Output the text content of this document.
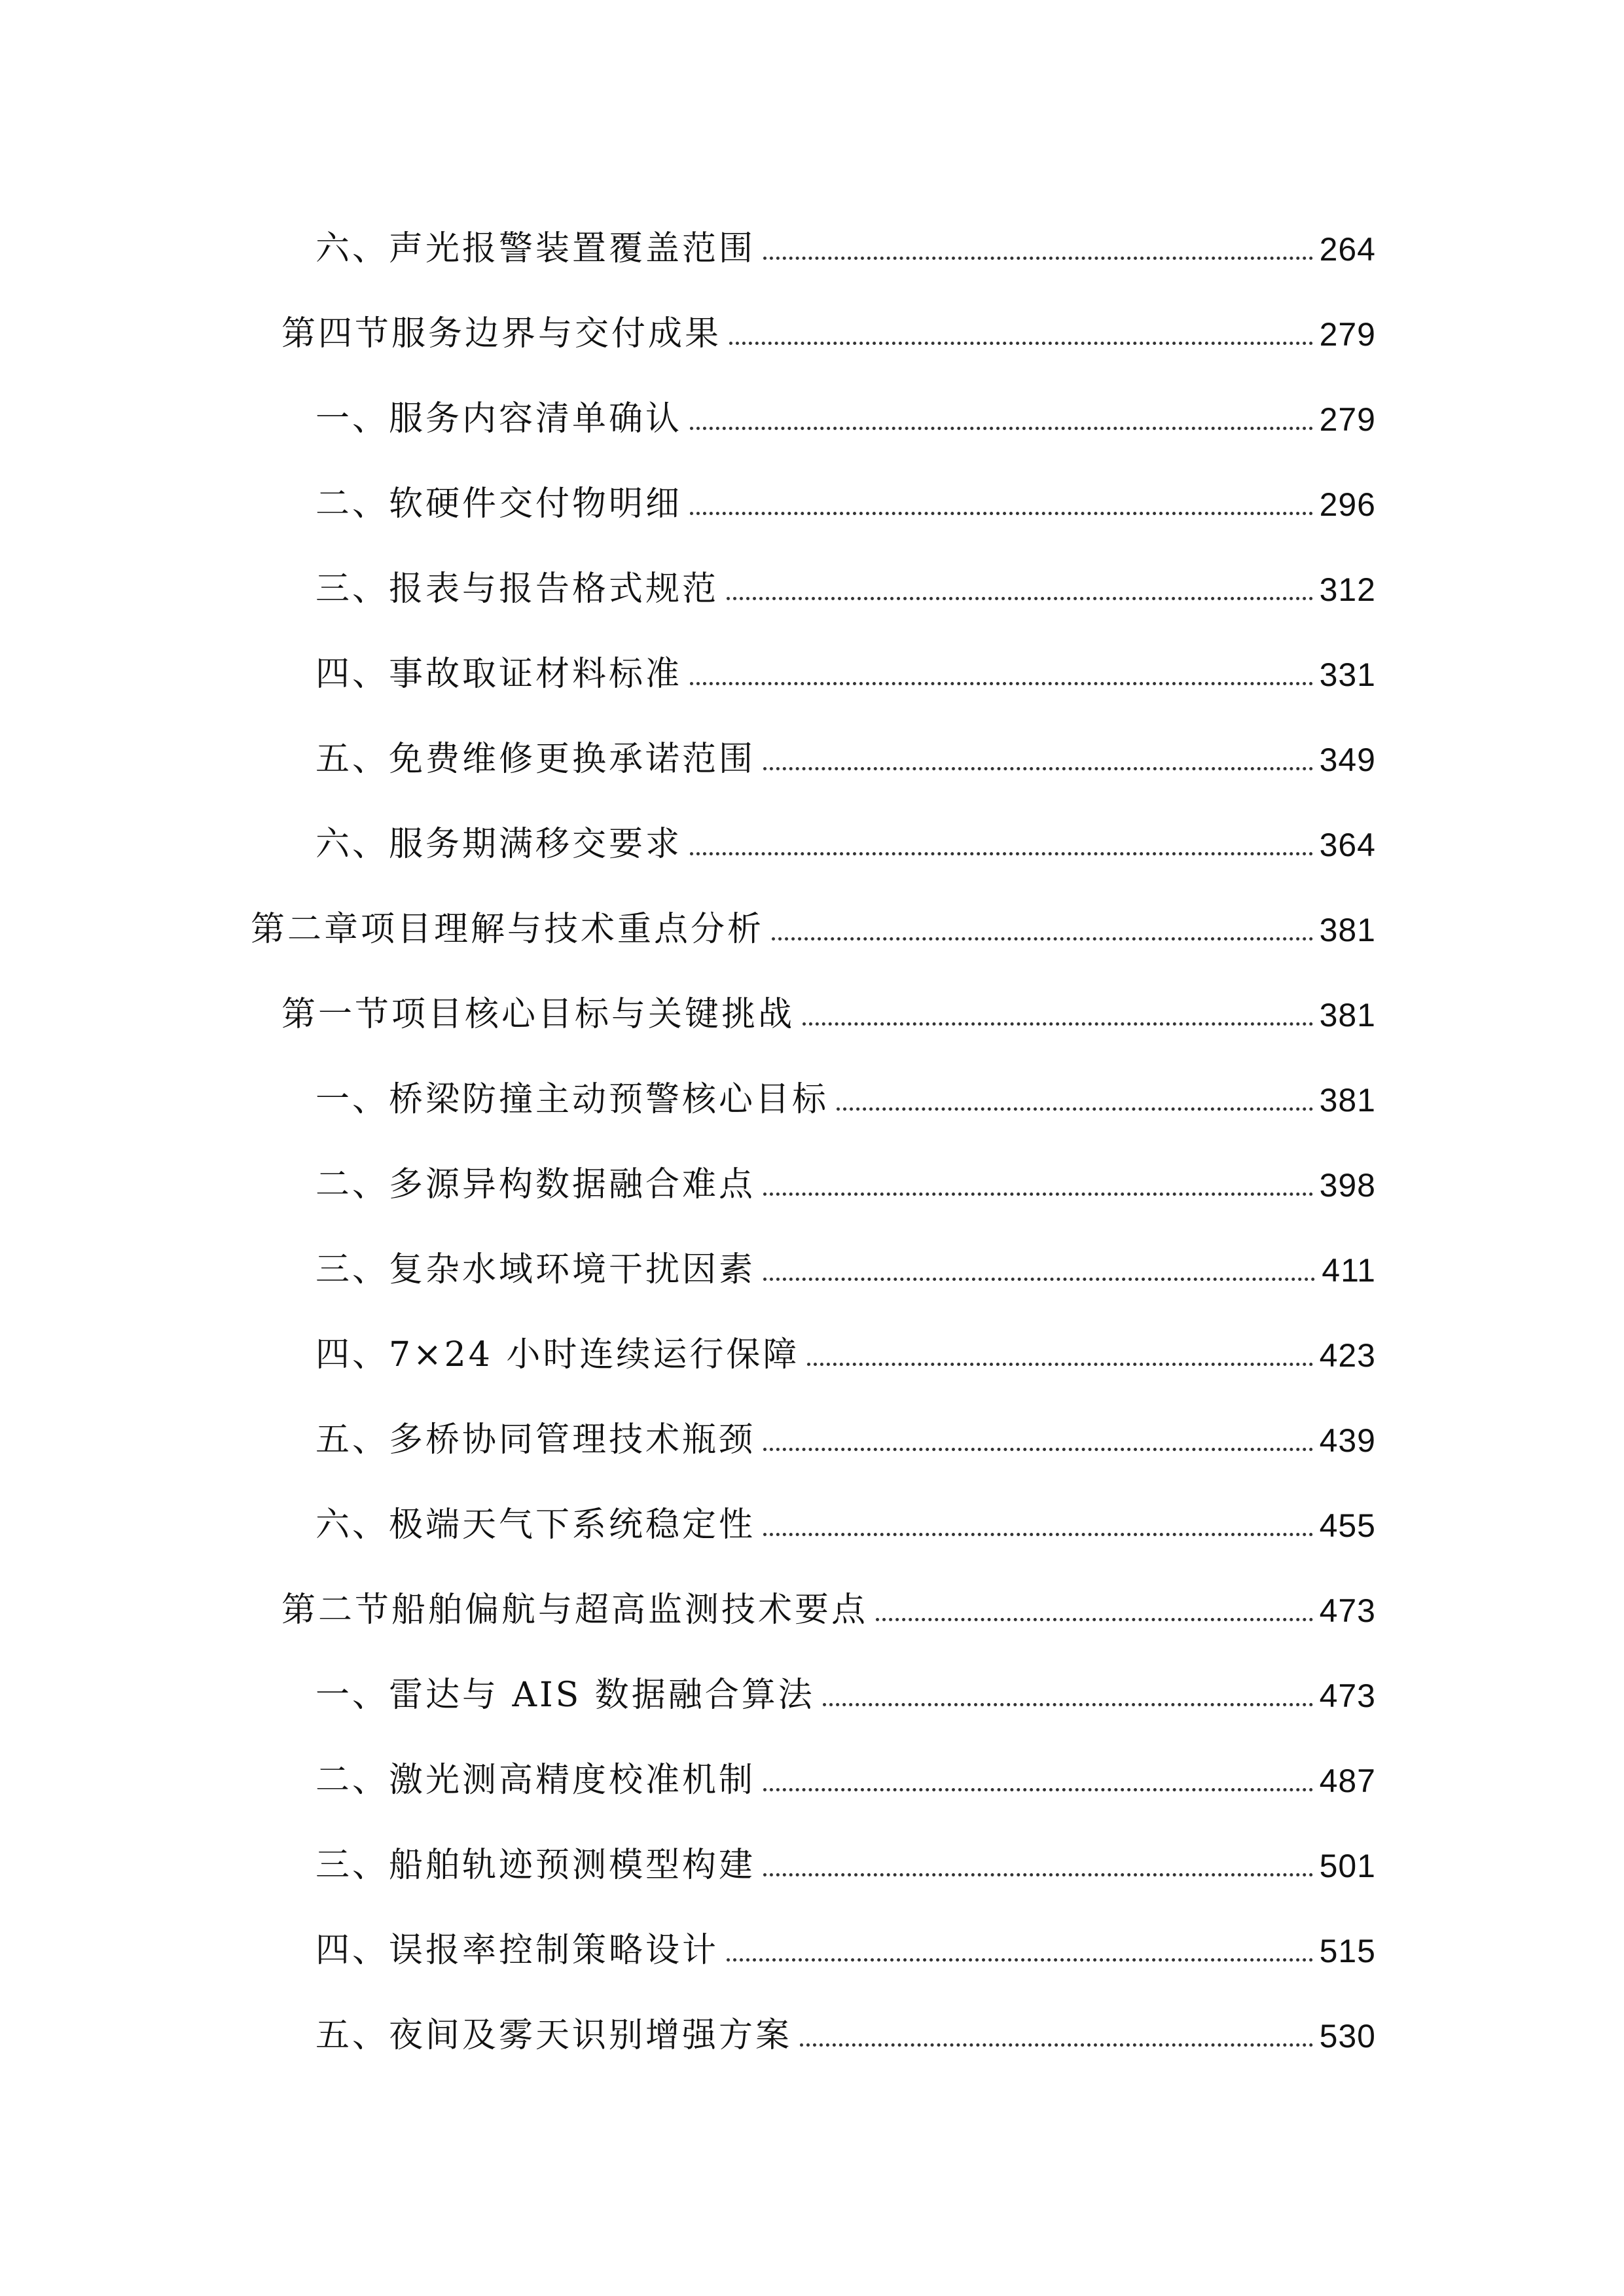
六、声光报警装置覆盖范围	264
第四节服务边界与交付成果	279
一、服务内容清单确认	279
二、软硬件交付物明细	296
三、报表与报告格式规范	312
四、事故取证材料标准	331
五、免费维修更换承诺范围	349
六、服务期满移交要求	364
第二章项目理解与技术重点分析	381
第一节项目核心目标与关键挑战	381
一、桥梁防撞主动预警核心目标	381
二、多源异构数据融合难点	398
三、复杂水域环境干扰因素	411
四、7×24 小时连续运行保障	423
五、多桥协同管理技术瓶颈	439
六、极端天气下系统稳定性	455
第二节船舶偏航与超高监测技术要点	473
一、雷达与 AIS 数据融合算法	473
二、激光测高精度校准机制	487
三、船舶轨迹预测模型构建	501
四、误报率控制策略设计	515
五、夜间及雾天识别增强方案	530
